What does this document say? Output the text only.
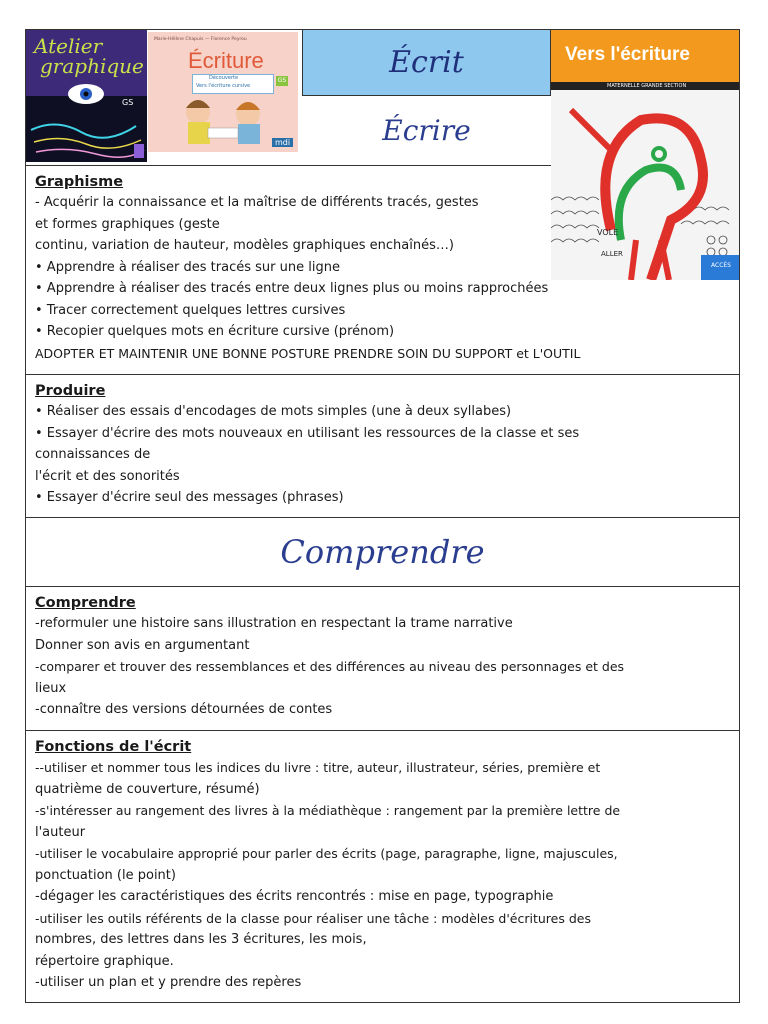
Atelier
graphique
GS
Marie-Hélène Chapuis — Florence Peyrou
Écriture
Découverte
Vers l'écriture cursive
GS
mdi
Écrit
Écrire
Vers l'écriture
MATERNELLE GRANDE SECTION
VOLE
ALLER
ACCÈS
Graphisme

- Acquérir la connaissance et la maîtrise de différents tracés, gestes

et formes graphiques (geste

continu, variation de hauteur, modèles graphiques enchaînés…)

• Apprendre à réaliser des tracés sur une ligne

• Apprendre à réaliser des tracés entre deux lignes plus ou moins rapprochées

• Tracer correctement quelques lettres cursives

• Recopier quelques mots en écriture cursive (prénom)

ADOPTER ET MAINTENIR UNE BONNE POSTURE PRENDRE SOIN DU SUPPORT et L'OUTIL

Produire

• Réaliser des essais d'encodages de mots simples (une à deux syllabes)

• Essayer d'écrire des mots nouveaux en utilisant les ressources de la classe et ses

connaissances de

l'écrit et des sonorités

• Essayer d'écrire seul des messages (phrases)

Comprendre
Comprendre

-reformuler une histoire sans illustration en respectant la trame narrative

Donner son avis en argumentant

-comparer et trouver des ressemblances et des différences au niveau des personnages et des

lieux

-connaître des versions détournées de contes

Fonctions de l'écrit

--utiliser et nommer tous les indices du livre : titre, auteur, illustrateur, séries, première et

quatrième de couverture, résumé)

-s'intéresser au rangement des livres à la médiathèque : rangement par la première lettre de

l'auteur

-utiliser le vocabulaire approprié pour parler des écrits (page, paragraphe, ligne, majuscules,

ponctuation (le point)

-dégager les caractéristiques des écrits rencontrés : mise en page, typographie

-utiliser les outils référents de la classe pour réaliser une tâche : modèles d'écritures des

nombres, des lettres dans les 3 écritures, les mois,

répertoire graphique.

-utiliser un plan et y prendre des repères
